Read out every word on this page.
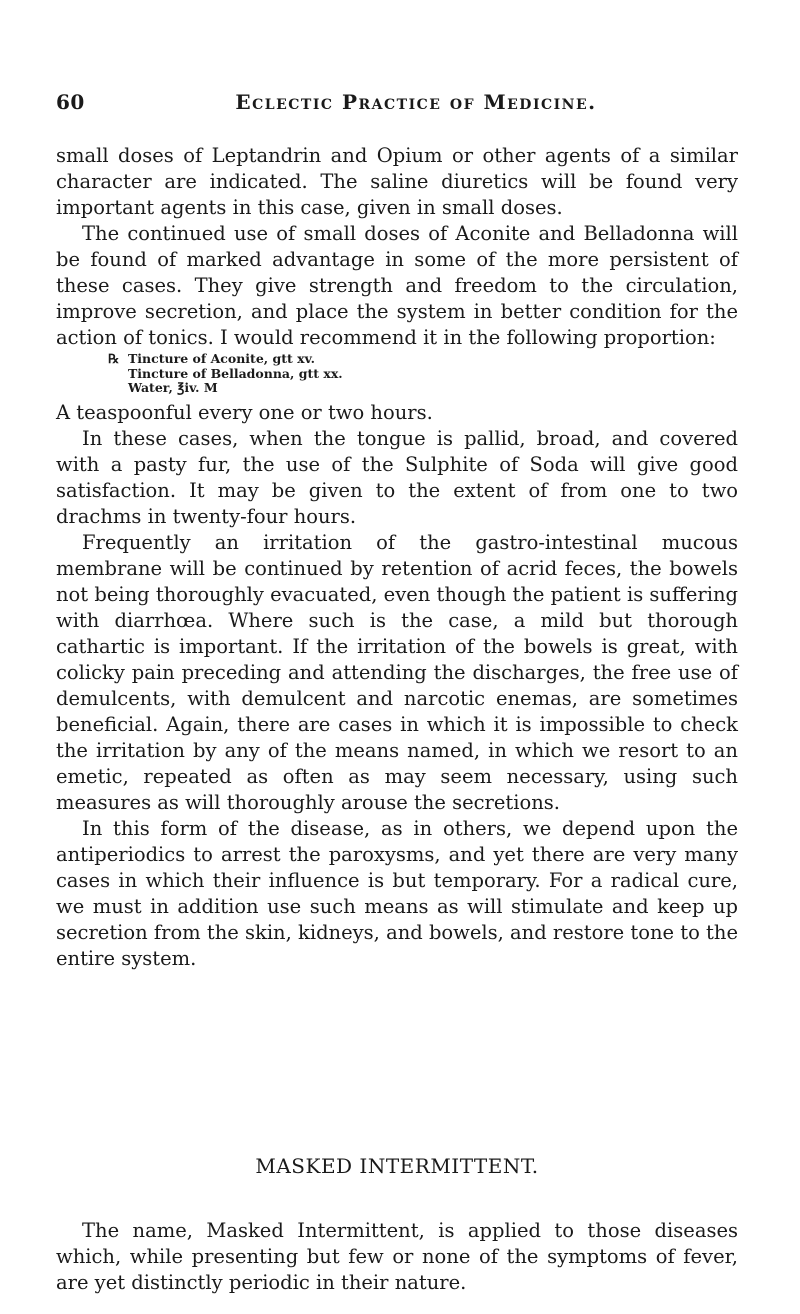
60	Eclectic Practice of Medicine.

small doses of Leptandrin and Opium or other agents of a similar character are indicated. The saline diuretics will be found very important agents in this case, given in small doses.

The continued use of small doses of Aconite and Belladonna will be found of marked advantage in some of the more persistent of these cases. They give strength and freedom to the circulation, improve secretion, and place the system in better condition for the action of tonics. I would recommend it in the following proportion:

℞ Tincture of Aconite, gtt xv.
Tincture of Belladonna, gtt xx.
Water, ℥iv. M

A teaspoonful every one or two hours.

In these cases, when the tongue is pallid, broad, and covered with a pasty fur, the use of the Sulphite of Soda will give good satisfaction. It may be given to the extent of from one to two drachms in twenty-four hours.

Frequently an irritation of the gastro-intestinal mucous membrane will be continued by retention of acrid feces, the bowels not being thoroughly evacuated, even though the patient is suffering with diarrhœa. Where such is the case, a mild but thorough cathartic is important. If the irritation of the bowels is great, with colicky pain preceding and attending the discharges, the free use of demulcents, with demulcent and narcotic enemas, are sometimes beneficial. Again, there are cases in which it is impossible to check the irritation by any of the means named, in which we resort to an emetic, repeated as often as may seem necessary, using such measures as will thoroughly arouse the secretions.

In this form of the disease, as in others, we depend upon the antiperiodics to arrest the paroxysms, and yet there are very many cases in which their influence is but temporary. For a radical cure, we must in addition use such means as will stimulate and keep up secretion from the skin, kidneys, and bowels, and restore tone to the entire system.

MASKED INTERMITTENT.

The name, Masked Intermittent, is applied to those diseases which, while presenting but few or none of the symptoms of fever, are yet distinctly periodic in their nature.
